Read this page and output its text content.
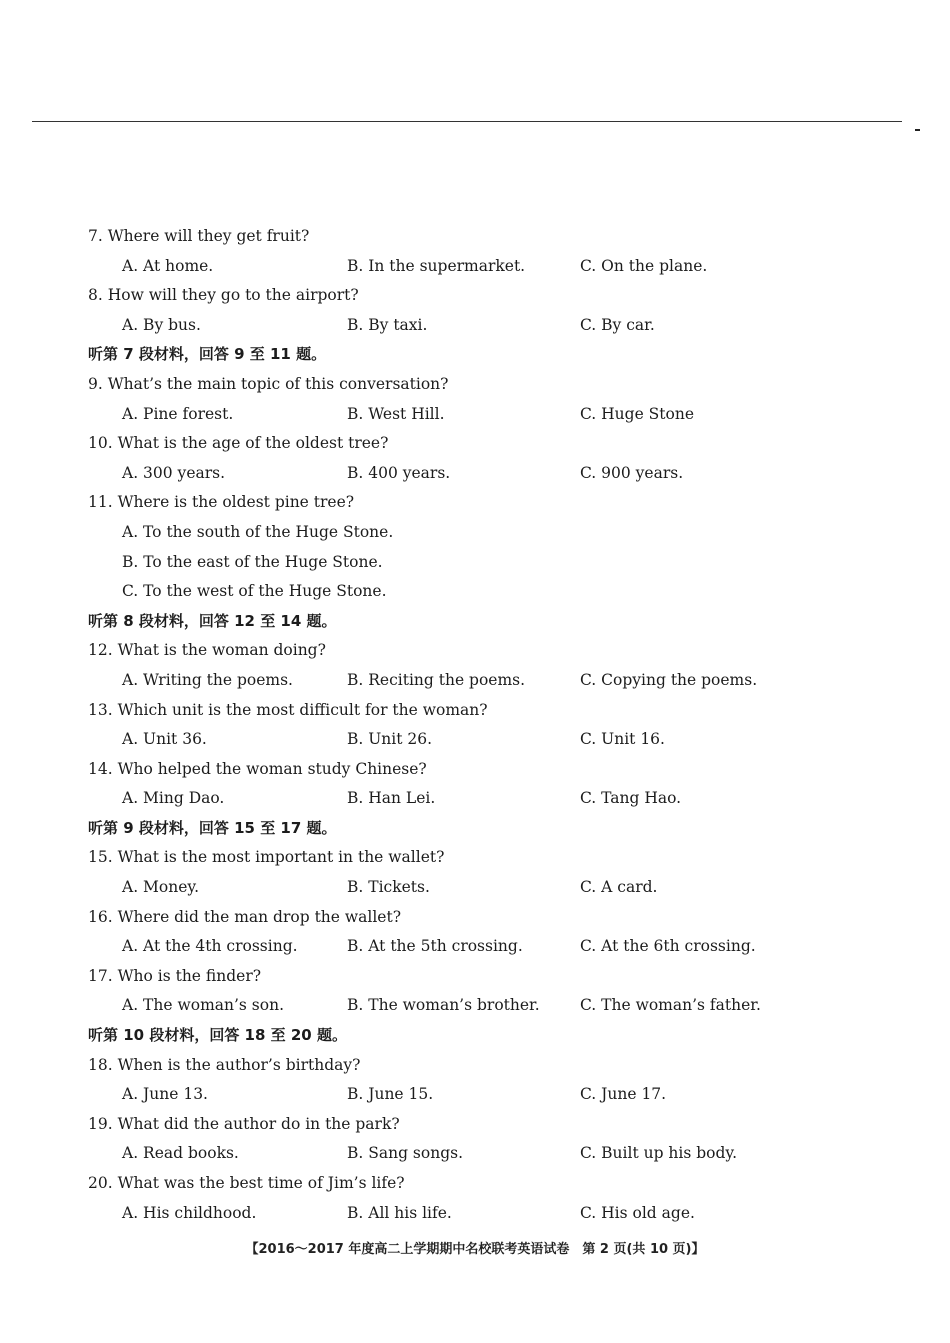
7. Where will they get fruit?
A. At home.	B. In the supermarket.	C. On the plane.
8. How will they go to the airport?
A. By bus.	B. By taxi.	C. By car.
听第 7 段材料，回答 9 至 11 题。
9. What’s the main topic of this conversation?
A. Pine forest.	B. West Hill.	C. Huge Stone
10. What is the age of the oldest tree?
A. 300 years.	B. 400 years.	C. 900 years.
11. Where is the oldest pine tree?
A. To the south of the Huge Stone.
B. To the east of the Huge Stone.
C. To the west of the Huge Stone.
听第 8 段材料，回答 12 至 14 题。
12. What is the woman doing?
A. Writing the poems.	B. Reciting the poems.	C. Copying the poems.
13. Which unit is the most difficult for the woman?
A. Unit 36.	B. Unit 26.	C. Unit 16.
14. Who helped the woman study Chinese?
A. Ming Dao.	B. Han Lei.	C. Tang Hao.
听第 9 段材料，回答 15 至 17 题。
15. What is the most important in the wallet?
A. Money.	B. Tickets.	C. A card.
16. Where did the man drop the wallet?
A. At the 4th crossing.	B. At the 5th crossing.	C. At the 6th crossing.
17. Who is the finder?
A. The woman’s son.	B. The woman’s brother.	C. The woman’s father.
听第 10 段材料，回答 18 至 20 题。
18. When is the author’s birthday?
A. June 13.	B. June 15.	C. June 17.
19. What did the author do in the park?
A. Read books.	B. Sang songs.	C. Built up his body.
20. What was the best time of Jim’s life?
A. His childhood.	B. All his life.	C. His old age.
【2016～2017 年度高二上学期期中名校联考英语试卷　第 2 页(共 10 页)】
